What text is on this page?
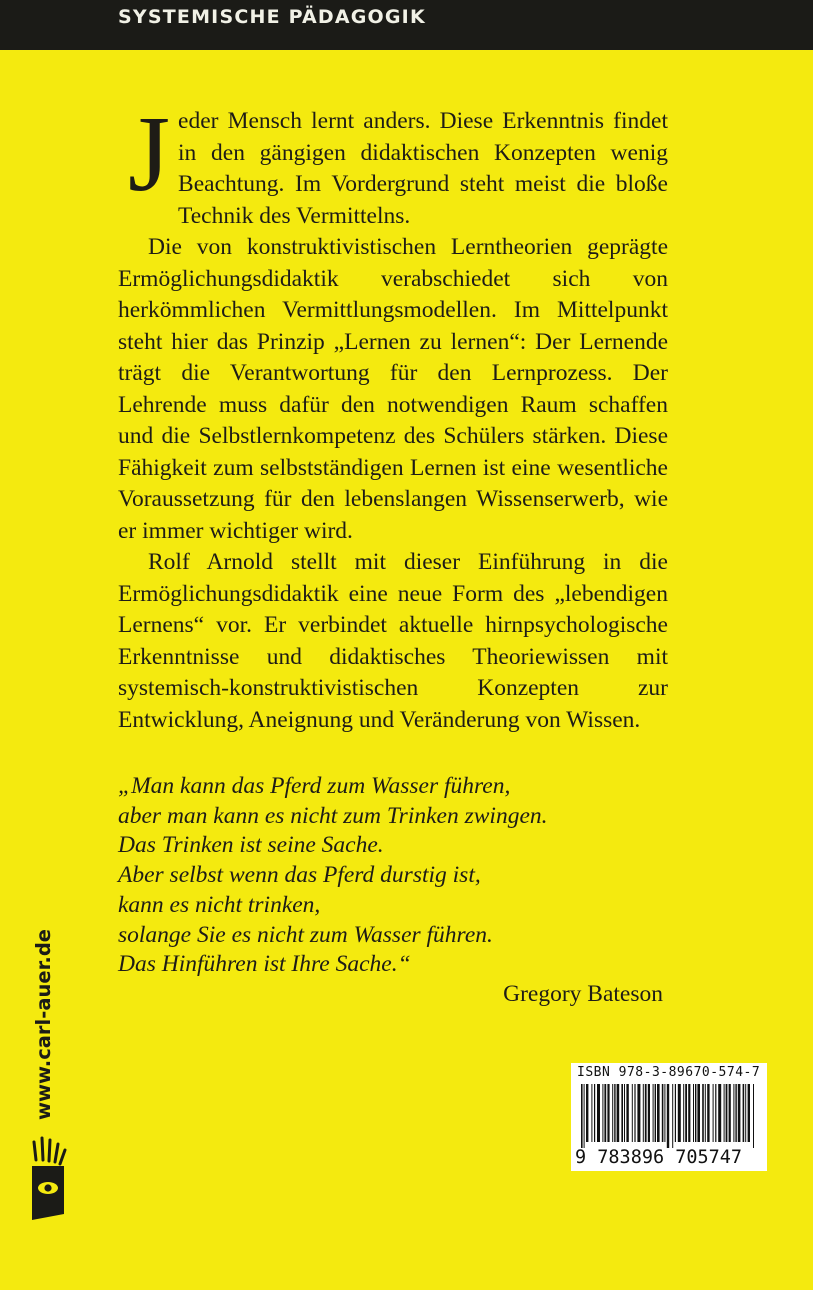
SYSTEMISCHE PÄDAGOGIK

Jeder Mensch lernt anders. Diese Erkenntnis findet in den gängigen didaktischen Konzepten wenig Beachtung. Im Vordergrund steht meist die bloße Technik des Vermittelns.

Die von konstruktivistischen Lerntheorien geprägte Ermöglichungsdidaktik verabschiedet sich von herkömmlichen Vermittlungsmodellen. Im Mittelpunkt steht hier das Prinzip „Lernen zu lernen“: Der Lernende trägt die Verantwortung für den Lernprozess. Der Lehrende muss dafür den notwendigen Raum schaffen und die Selbstlernkompetenz des Schülers stärken. Diese Fähigkeit zum selbstständigen Lernen ist eine wesentliche Voraussetzung für den lebenslangen Wissenserwerb, wie er immer wichtiger wird.

Rolf Arnold stellt mit dieser Einführung in die Ermöglichungsdidaktik eine neue Form des „lebendigen Lernens“ vor. Er verbindet aktuelle hirnpsychologische Erkenntnisse und didaktisches Theoriewissen mit systemisch-konstruktivistischen Konzepten zur Entwicklung, Aneignung und Veränderung von Wissen.

„Man kann das Pferd zum Wasser führen,
aber man kann es nicht zum Trinken zwingen.
Das Trinken ist seine Sache.
Aber selbst wenn das Pferd durstig ist,
kann es nicht trinken,
solange Sie es nicht zum Wasser führen.
Das Hinführen ist Ihre Sache.“
Gregory Bateson
ISBN 978-3-89670-574-7
9 783896 705747
www.carl-auer.de
